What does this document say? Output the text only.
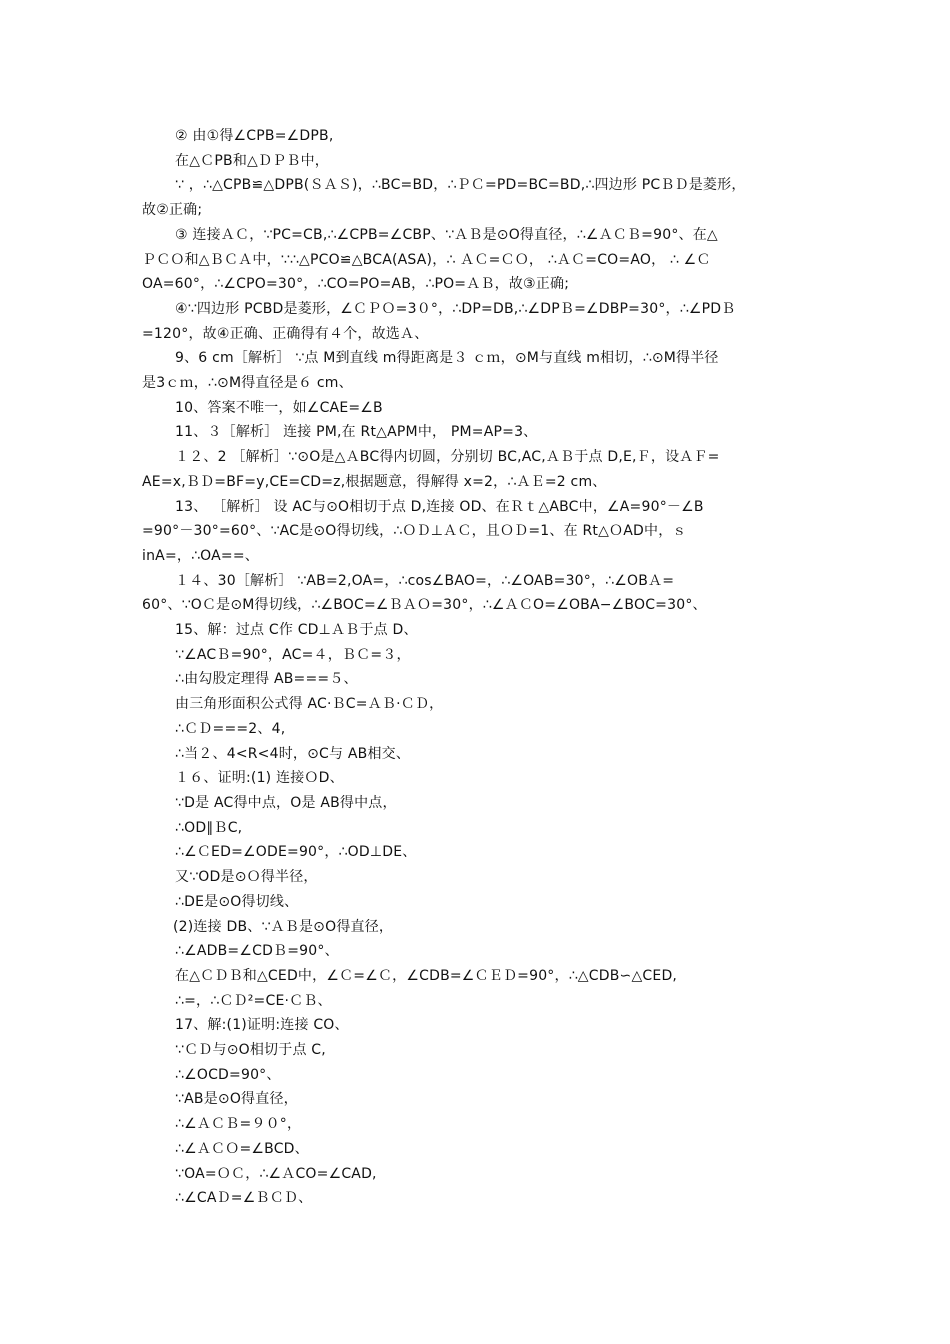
② 由①得∠CPB=∠DPB,
在△ＣPB和△ＤＰＢ中，
∵ ，∴△CPB≌△DPB(ＳＡＳ)，∴BC=BD，∴ＰＣ=PD=BC=BD,∴四边形 PCＢＤ是菱形，
故②正确;
③ 连接ＡＣ，∵PC=CB,∴∠CPB=∠CBP、∵ＡＢ是⊙O得直径，∴∠ＡＣＢ=90°、在△
ＰＣＯ和△ＢＣＡ中，∵∴△PCO≌△BCA(ASA)，∴ ＡＣ=ＣＯ， ∴ＡＣ=CO=AO， ∴ ∠Ｃ
OA=60°，∴∠CPO=30°，∴CO=PO=AB，∴PO=ＡＢ，故③正确;
④∵四边形 PCBD是菱形，∠ＣＰＯ=3０°，∴DP=DB,∴∠DPＢ=∠DBP=30°，∴∠PDＢ
=120°，故④正确、正确得有４个，故选Ａ、
9、6 cm［解析］ ∵点 M到直线 m得距离是３ ｃｍ，⊙M与直线 m相切，∴⊙M得半径
是3ｃｍ，∴⊙M得直径是６ cm、
10、答案不唯一，如∠CAE=∠B
11、３［解析］ 连接 PM,在 Rt△APM中， PM=AP=3、
１２、2 ［解析］∵⊙O是△ＡBC得内切圆，分别切 BC,AC,ＡＢ于点 D,E,Ｆ，设ＡＦ=
AE=x,ＢＤ=BF=y,CE=CD=z,根据题意，得解得 x=2，∴ＡＥ=2 cm、
13、 ［解析］ 设 AC与⊙O相切于点 D,连接 OD、在Ｒｔ△ABC中，∠A=90°－∠B
=90°－30°=60°、∵AC是⊙O得切线，∴ＯＤ⊥ＡＣ，且ＯＤ=1、在 Rt△ＯAD中，ｓ
inA=，∴OA==、
１４、30［解析］ ∵AB=2,OA=，∴cos∠BAO=，∴∠OAB=30°，∴∠OBＡ=
60°、∵OＣ是⊙M得切线，∴∠BOC=∠ＢＡＯ=30°，∴∠ＡＣO=∠OBA−∠BOC=30°、
15、解：过点 C作 CD⊥ＡＢ于点 D、
∵∠ACＢ=90°，AC=４，ＢＣ=３，
∴由勾股定理得 AB===５、
由三角形面积公式得 AC·ＢC=ＡＢ·ＣＤ，
∴ＣＤ===2、4,
∴当２、4<R<4时，⊙C与 AB相交、
１６、证明:(1) 连接ＯD、
∵D是 AC得中点，O是 AB得中点，
∴OD∥ＢC,
∴∠ＣED=∠ODE=90°，∴OD⊥DE、
又∵OD是⊙Ｏ得半径，
∴DE是⊙O得切线、
(2)连接 DB、∵ＡＢ是⊙O得直径，
∴∠ADB=∠CDＢ=90°、
在△ＣＤＢ和△CED中，∠Ｃ=∠Ｃ，∠CDB=∠ＣＥＤ=90°，∴△CDB∽△CED,
∴=，∴ＣＤ²=CE·ＣＢ、
17、解:(1)证明:连接 CO、
∵ＣＤ与⊙O相切于点 C,
∴∠OCD=90°、
∵AB是⊙O得直径，
∴∠ＡＣＢ=９０°，
∴∠ＡＣＯ=∠BCD、
∵OA=ＯＣ，∴∠ＡCO=∠CAD,
∴∠CAＤ=∠ＢＣＤ、
